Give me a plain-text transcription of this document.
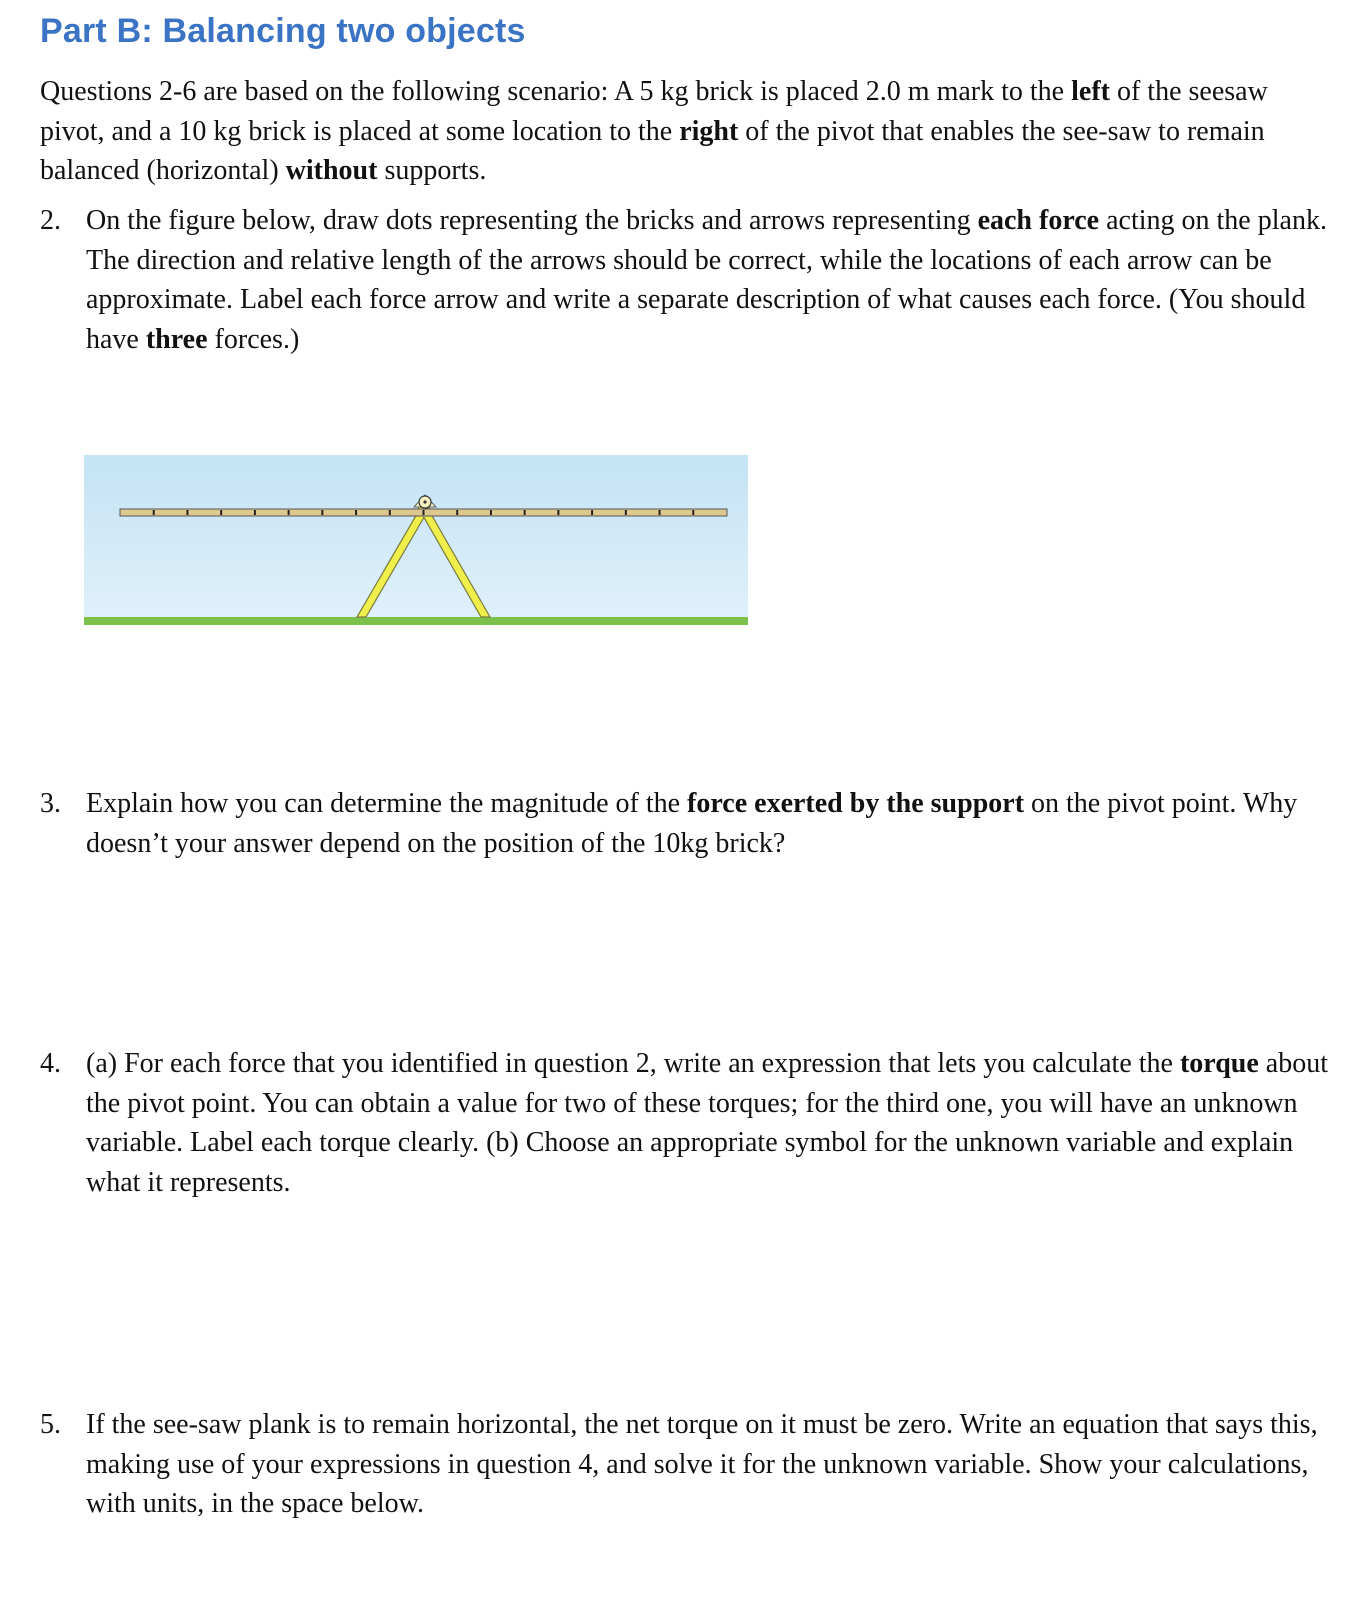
Part B: Balancing two objects
Questions 2-6 are based on the following scenario: A 5 kg brick is placed 2.0 m mark to the left of the seesaw pivot, and a 10 kg brick is placed at some location to the right of the pivot that enables the see-saw to remain balanced (horizontal) without supports.
2. On the figure below, draw dots representing the bricks and arrows representing each force acting on the plank. The direction and relative length of the arrows should be correct, while the locations of each arrow can be approximate. Label each force arrow and write a separate description of what causes each force. (You should have three forces.)
3. Explain how you can determine the magnitude of the force exerted by the support on the pivot point. Why doesn’t your answer depend on the position of the 10kg brick?
4. (a) For each force that you identified in question 2, write an expression that lets you calculate the torque about the pivot point. You can obtain a value for two of these torques; for the third one, you will have an unknown variable. Label each torque clearly. (b) Choose an appropriate symbol for the unknown variable and explain what it represents.
5. If the see-saw plank is to remain horizontal, the net torque on it must be zero. Write an equation that says this, making use of your expressions in question 4, and solve it for the unknown variable. Show your calculations, with units, in the space below.
